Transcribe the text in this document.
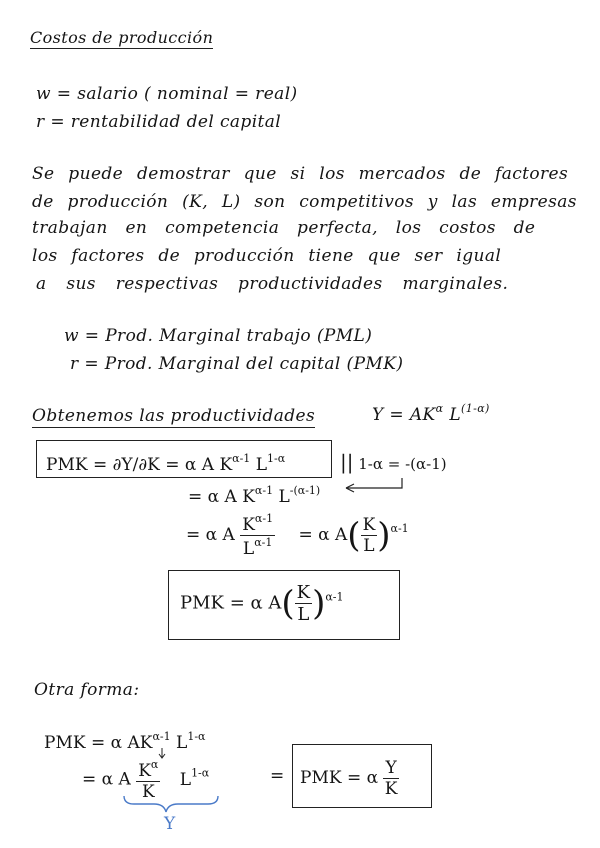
Costos de producción
w = salario ( nominal = real)
r = rentabilidad del capital
Se puede demostrar que si los mercados de factores
de producción (K, L) son competitivos y las empresas
trabajan en competencia perfecta, los costos de
los factores de producción tiene que ser igual
a sus respectivas productividades marginales.
w = Prod. Marginal trabajo (PML)
r = Prod. Marginal del capital (PMK)
Obtenemos las productividades	$Y = AK^\alpha$ $L^{(1-\alpha)}$
PMK = ∂Y/∂K = α A $K^{\alpha-1}$ $L^{1-\alpha}$	|| 1-α = -(α-1)
= α A $K^{\alpha-1}$ $L^{-(\alpha-1)}$
= α A $\frac{K^{\alpha-1}}{L^{\alpha-1}} = \alpha$ $A( \frac{K}{L} )^{\alpha-1}$
PMK = α $A( \frac{K}{L} )^{\alpha-1}$
Otra forma:
PMK = α $AK^{\alpha-1}$ $L^{1-\alpha}$
= α A $\frac{K^\alpha}{K} L^{1-\alpha}$	= PMK = α $\frac{Y}{K}$
Y
